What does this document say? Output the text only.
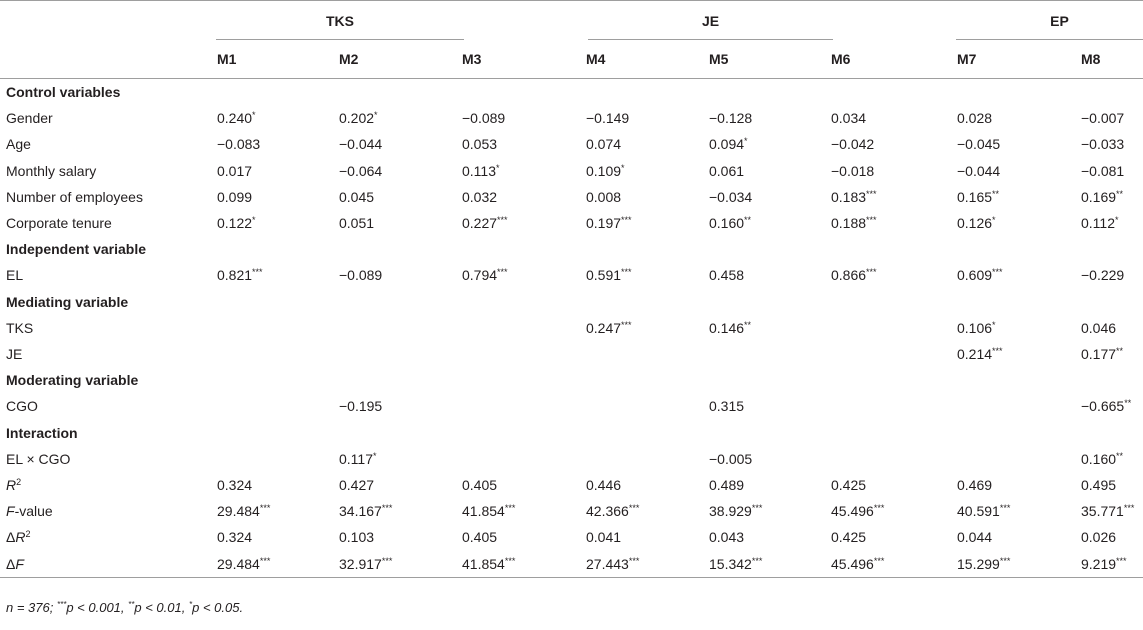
	TKS		JE		EP

	M1	M2	M3	M4	M5	M6	M7	M8
Control variables								
Gender	0.240*	0.202*	−0.089	−0.149	−0.128	0.034	0.028	−0.007
Age	−0.083	−0.044	0.053	0.074	0.094*	−0.042	−0.045	−0.033
Monthly salary	0.017	−0.064	0.113*	0.109*	0.061	−0.018	−0.044	−0.081
Number of employees	0.099	0.045	0.032	0.008	−0.034	0.183***	0.165**	0.169**
Corporate tenure	0.122*	0.051	0.227***	0.197***	0.160**	0.188***	0.126*	0.112*
Independent variable								
EL	0.821***	−0.089	0.794***	0.591***	0.458	0.866***	0.609***	−0.229
Mediating variable								
TKS				0.247***	0.146**		0.106*	0.046
JE							0.214***	0.177**
Moderating variable								
CGO		−0.195			0.315			−0.665**
Interaction								
EL × CGO		0.117*			−0.005			0.160**
$R^2$	0.324	0.427	0.405	0.446	0.489	0.425	0.469	0.495
F-value	29.484***	34.167***	41.854***	42.366***	38.929***	45.496***	40.591***	35.771***
$\Delta R^2$	0.324	0.103	0.405	0.041	0.043	0.425	0.044	0.026
ΔF	29.484***	32.917***	41.854***	27.443***	15.342***	45.496***	15.299***	9.219***
n = 376; ***p < 0.001, **p < 0.01, *p < 0.05.
